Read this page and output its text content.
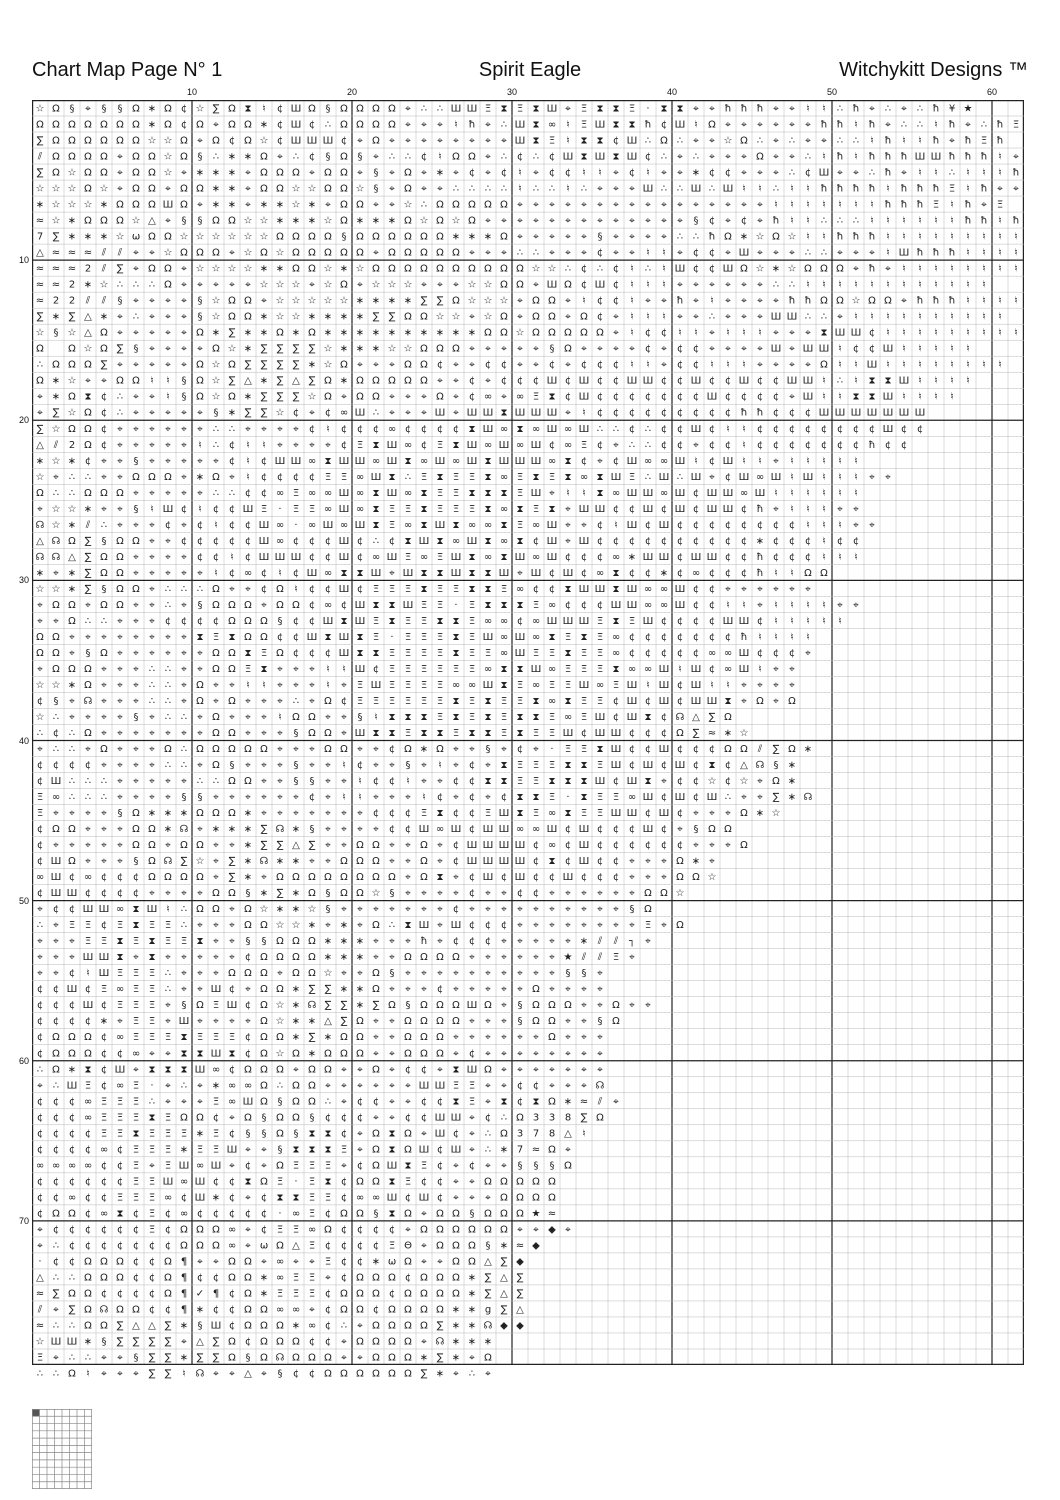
Chart Map Page N° 1	Spirit Eagle	Witchykitt Designs ™
10	20	30	40	50	60
10
20
30
40
50
60
70
☆ Ω § ⌖ § § Ω ∗ Ω ¢ ☆ ∑ Ω ⧗ ♮ ¢ Ш Ω § Ω Ω Ω Ω ⌖ ∴ ∴ Ш Ш Ξ ⧗ Ξ ⧗ Ш ⌖ Ξ ⧗ ⧗ Ξ · ⧗ ⧗ ⌖ ⌖ ħ ħ ħ ⌖ ⌖ ♮ ♮ ∴ ħ ⌖ ∴ ⌖ ∴ ħ ¥ ★
Ω Ω Ω Ω Ω Ω Ω ∗ Ω ¢ Ω ⌖ Ω Ω ∗ ¢ Ш ¢ ∴ Ω Ω Ω Ω ⌖ ⌖ ⌖ ♮ ħ ⌖ ∴ Ш ⧗ ∞ ♮ Ξ Ш ⧗ ⧗ ħ ¢ Ш ♮ Ω ⌖ ⌖ ⌖ ⌖ ⌖ ⌖ ħ ħ ♮ ħ ⌖ ∴ ∴ ♮ ħ ⌖ ∴ ħ Ξ
∑ Ω Ω Ω Ω Ω Ω ☆ ☆ Ω ⌖ Ω ¢ Ω ☆ ¢ Ш Ш Ш ¢ ⌖ Ω ⌖ ⌖ ⌖ ⌖ ⌖ ⌖ ⌖ ⌖ Ш ⧗ Ξ ♮ ⧗ ⧗ ¢ Ш ∴ Ω ∴ ⌖ ⌖ ☆ Ω ∴ ⌖ ∴ ⌖ ⌖ ∴ ∴ ♮ ħ ♮ ♮ ħ ⌖ ħ Ξ ħ
⫽ Ω Ω Ω Ω ⌖ Ω Ω ☆ Ω § ∴ ∗ ∗ Ω ⌖ ∴ ¢ § Ω § ⌖ ∴ ∴ ¢ ♮ Ω Ω ⌖ ∴ ¢ ∴ ¢ Ш ⧗ Ш ⧗ Ш ¢ ∴ ⌖ ∴ ⌖ ⌖ ⌖ Ω ⌖ ⌖ ∴ ♮ ħ ♮ ħ ħ ħ Ш Ш ħ ħ ħ ♮ ⌖
∑ Ω ☆ Ω Ω ⌖ Ω Ω ☆ ⌖ ∗ ∗ ∗ ⌖ Ω Ω Ω ⌖ Ω Ω ⌖ § ⌖ Ω ⌖ ∗ ⌖ ¢ ⌖ ¢ ♮ ⌖ ¢ ¢ ♮ ♮ ⌖ ¢ ♮ ⌖ ⌖ ∗ ¢ ¢ ⌖ ⌖ ⌖ ∴ ¢ Ш ⌖ ⌖ ∴ ħ ⌖ ♮ ♮ ∴ ♮ ♮ ♮ ħ
☆ ☆ ☆ Ω ☆ ⌖ Ω Ω ⌖ Ω Ω ∗ ∗ ⌖ Ω Ω ☆ ☆ Ω Ω ☆ § ⌖ Ω ⌖ ⌖ ∴ ∴ ∴ ∴ ♮ ∴ ∴ ♮ ∴ ⌖ ⌖ ⌖ Ш ∴ ∴ Ш ∴ Ш ♮ ♮ ∴ ♮ ♮ ħ ħ ħ ħ ♮ ħ ħ ħ Ξ ♮ ħ ⌖ ⌖
∗ ☆ ☆ ☆ ∗ Ω Ω Ω Ш Ω ⌖ ∗ ∗ ⌖ ∗ ∗ ☆ ∗ ⌖ Ω Ω ⌖ ⌖ ☆ ∴ Ω Ω Ω Ω Ω ⌖ ⌖ ⌖ ⌖ ⌖ ⌖ ⌖ ⌖ ⌖ ⌖ ⌖ ⌖ ⌖ ⌖ ⌖ ⌖ ♮ ♮ ♮ ♮ ♮ ♮ ♮ ħ ħ ħ Ξ ♮ ħ ⌖ Ξ
≈ ☆ ∗ Ω Ω Ω ☆ △ ⌖ § § Ω Ω ☆ ☆ ∗ ∗ ∗ ☆ Ω ∗ ∗ ∗ Ω ☆ Ω ☆ Ω ⌖ ⌖ ⌖ ⌖ ⌖ ⌖ ⌖ ⌖ ⌖ ⌖ ⌖ ⌖ ⌖ § ¢ ⌖ ¢ ⌖ ħ ♮ ♮ ∴ ∴ ∴ ♮ ♮ ♮ ♮ ♮ ♮ ħ ħ ♮ ħ
7 ∑ ∗ ∗ ∗ ☆ ω Ω Ω ☆ ☆ ☆ ☆ ☆ ☆ Ω Ω Ω Ω § Ω Ω Ω Ω Ω Ω ∗ ∗ ∗ Ω ⌖ ⌖ ⌖ ⌖ ⌖ § ⌖ ⌖ ⌖ ⌖ ∴ ∴ ħ Ω ∗ ☆ Ω ☆ ♮ ♮ ħ ħ ħ ♮ ♮ ♮ ♮ ♮ ♮ ♮ ♮ ♮
△ ≈ ≈ ≈ ⫽ ⫽ ⌖ ⌖ ☆ Ω Ω Ω ⌖ ☆ Ω ☆ Ω Ω Ω Ω Ω ⌖ Ω Ω Ω Ω Ω ⌖ ⌖ ⌖ ∴ ∴ ⌖ ⌖ ⌖ ¢ ⌖ ⌖ ♮ ♮ ⌖ ¢ ¢ ⌖ Ш ⌖ ⌖ ⌖ ∴ ∴ ⌖ ⌖ ⌖ ♮ Ш ħ ħ ħ ♮ ♮ ♮ ♮
≈ ≈ ≈ 2 ⫽ ∑ ⌖ Ω Ω ⌖ ☆ ☆ ☆ ☆ ∗ ∗ Ω Ω ☆ ∗ ☆ Ω Ω Ω Ω Ω Ω Ω Ω Ω Ω ☆ ☆ ∴ ¢ ∴ ¢ ♮ ∴ ♮ Ш ¢ ¢ Ш Ω ☆ ∗ ☆ Ω Ω Ω ⌖ ħ ⌖ ♮ ♮ ♮ ♮ ♮ ♮ ♮ ♮
≈ ≈ 2 ∗ ☆ ∴ ∴ ∴ Ω ⌖ ⌖ ⌖ ⌖ ⌖ ☆ ☆ ☆ ⌖ ☆ Ω ⌖ ☆ ☆ ☆ ⌖ ⌖ ⌖ ☆ ☆ Ω Ω ⌖ Ш Ω ¢ Ш ¢ ♮ ♮ ♮ ⌖ ⌖ ⌖ ⌖ ⌖ ⌖ ∴ ∴ ♮ ♮ ♮ ♮ ♮ ♮ ♮ ♮ ♮ ♮ ♮ ♮
≈ 2 2 ⫽ ⫽ § ⌖ ⌖ ⌖ ⌖ § ☆ Ω Ω ⌖ ☆ ☆ ☆ ☆ ☆ ∗ ∗ ∗ ∗ ∑ ∑ Ω ☆ ☆ ☆ ⌖ Ω Ω ⌖ ♮ ¢ ¢ ♮ ⌖ ⌖ ħ ⌖ ♮ ⌖ ⌖ ⌖ ⌖ ħ ħ Ω Ω ☆ Ω Ω ⌖ ħ ħ ħ ♮ ♮ ♮ ♮
∑ ∗ ∑ △ ∗ ⌖ ∴ ⌖ ⌖ ⌖ § ☆ Ω Ω ∗ ☆ ☆ ∗ ∗ ∗ ∗ ∑ ∑ Ω Ω ☆ ☆ ⌖ ☆ Ω ⌖ Ω Ω ⌖ Ω ¢ ⌖ ♮ ♮ ♮ ⌖ ⌖ ∴ ⌖ ⌖ ⌖ Ш Ш ∴ ∴ ⌖ ♮ ♮ ♮ ♮ ♮ ♮ ♮ ♮ ♮ ♮
☆ § ☆ △ Ω ⌖ ⌖ ⌖ ⌖ ⌖ Ω ∗ ∑ ∗ ∗ Ω ∗ Ω ∗ ∗ ∗ ∗ ∗ ∗ ∗ ∗ ∗ ∗ Ω Ω ☆ Ω Ω Ω Ω Ω ⌖ ♮ ¢ ¢ ♮ ♮ ⌖ ♮ ♮ ♮ ⌖ ⌖ ⌖ ⧗ Ш Ш ¢ ♮ ♮ ♮ ♮ ♮ ♮ ♮ ♮ ♮
Ω Ω ☆ Ω ∑ § ⌖ ⌖ ⌖ ⌖ Ω ☆ ∗ ∑ ∑ ∑ ∑ ☆ ∗ ∗ ∗ ☆ ☆ Ω Ω Ω ⌖ ⌖ ⌖ ⌖ ⌖ § Ω ⌖ ⌖ ⌖ ⌖ ¢ ⌖ ¢ ¢ ⌖ ⌖ ⌖ ⌖ Ш ⌖ Ш Ш ♮ ¢ ¢ Ш ♮ ♮ ♮ ♮ ♮
∴ Ω Ω Ω ∑ ⌖ ⌖ ⌖ ⌖ ⌖ Ω ☆ Ω ∑ ∑ ∑ ∑ ∗ ☆ Ω ⌖ ⌖ ⌖ Ω Ω ¢ ⌖ ⌖ ¢ ¢ ⌖ ⌖ ¢ ⌖ ¢ ¢ ¢ ♮ ♮ ⌖ ¢ ¢ ♮ ♮ ♮ ⌖ ⌖ ⌖ ⌖ Ω ♮ ♮ Ш ♮ ♮ ♮ ♮ ♮ ♮ ♮ ♮
Ω ∗ ☆ ⌖ ⌖ Ω Ω ♮ ♮ § Ω ☆ ∑ △ ∗ ∑ △ ∑ Ω ∗ Ω Ω Ω Ω Ω ⌖ ⌖ ¢ ⌖ ¢ ¢ ¢ Ш ¢ Ш ¢ ¢ Ш Ш ¢ ¢ Ш ¢ ¢ Ш ¢ ¢ Ш Ш ♮ ∴ ♮ ⧗ ⧗ Ш ♮ ♮ ♮ ♮
⌖ ∗ Ω ⧗ ¢ ∴ ⌖ ⌖ ♮ § Ω ☆ Ω ∗ ∑ ∑ ∑ ☆ Ω ⌖ Ω Ω ⌖ ⌖ ⌖ Ω ⌖ ¢ ∞ ⌖ ∞ Ξ ⧗ ¢ Ш ¢ ¢ ¢ ¢ ¢ ¢ ¢ Ш ¢ ¢ ¢ ¢ ⌖ Ш ♮ ♮ ⧗ ⧗ Ш ♮ ♮ ♮ ♮
⌖ ∑ ☆ Ω ¢ ∴ ⌖ ⌖ ⌖ ⌖ ⌖ § ∗ ∑ ∑ ☆ ¢ ⌖ ¢ ∞ Ш ∴ ⌖ ⌖ ⌖ Ш ⌖ Ш Ш ⧗ Ш Ш Ш ⌖ ♮ ¢ ¢ ¢ ¢ ¢ ¢ ¢ ¢ ¢ ħ ħ ¢ ¢ ¢ Ш Ш Ш Ш Ш Ш Ш
∑ ☆ Ω Ω ¢ ⌖ ⌖ ⌖ ⌖ ⌖ ⌖ ∴ ∴ ⌖ ⌖ ⌖ ⌖ ¢ ♮ ¢ ¢ ¢ ∞ ¢ ¢ ¢ ¢ ⧗ Ш ∞ ⧗ ∞ Ш ∞ Ш ∴ ∴ ¢ ∴ ¢ ¢ Ш ¢ ♮ ♮ ¢ ¢ ¢ ¢ ¢ ¢ ¢ ¢ Ш ¢ ¢
△ ⫽ 2 Ω ¢ ⌖ ⌖ ⌖ ⌖ ⌖ ♮ ∴ ¢ ♮ ♮ ⌖ ⌖ ⌖ ⌖ ¢ Ξ ⧗ Ш ∞ ¢ Ξ ⧗ Ш ∞ Ш ∞ Ш ¢ ∞ Ξ ¢ ⌖ ∴ ∴ ¢ ¢ ⌖ ¢ ¢ ♮ ¢ ¢ ¢ ¢ ¢ ¢ ¢ ħ ¢ ¢
∗ ☆ ∗ ¢ ⌖ ⌖ § ⌖ ⌖ ⌖ ⌖ ⌖ ¢ ♮ ¢ Ш Ш ∞ ⧗ Ш Ш ∞ Ш ⧗ ∞ Ш ∞ Ш ⧗ Ш Ш Ш ∞ ⧗ ¢ ⌖ ¢ Ш ∞ ∞ Ш ♮ ¢ Ш ♮ ♮ ⌖ ♮ ♮ ♮ ♮ ♮
☆ ⌖ ∴ ∴ ⌖ ⌖ Ω Ω Ω ⌖ ∗ Ω ⌖ ♮ ¢ ¢ ¢ ¢ Ξ Ξ ∞ Ш ⧗ ∴ Ξ ⧗ Ξ Ξ ⧗ ∞ Ξ ⧗ Ξ ⧗ ∞ ⧗ Ш Ξ ∴ Ш ∴ Ш ⌖ ¢ Ш ∞ Ш ♮ Ш ♮ ♮ ♮ ⌖ ⌖
Ω ∴ ∴ Ω Ω Ω ⌖ ⌖ ⌖ ⌖ ⌖ ∴ ∴ ¢ ¢ ∞ Ξ ∞ ∞ Ш ∞ ⧗ Ш ∞ ⧗ Ξ Ξ ⧗ ⧗ ⧗ Ξ Ш ⌖ ♮ ♮ ⧗ ∞ Ш Ш ∞ Ш ¢ Ш Ш ∞ Ш ♮ ♮ ♮ ♮ ♮ ♮
⌖ ☆ ☆ ∗ ⌖ ⌖ § ♮ Ш ¢ ♮ ¢ ¢ Ш Ξ · Ξ Ξ ∞ Ш ∞ ⧗ Ξ Ξ ⧗ Ξ Ξ Ξ ⧗ ∞ ⧗ Ξ ⧗ ⌖ Ш Ш ¢ ¢ Ш ¢ Ш ¢ Ш Ш ¢ ħ ⌖ ♮ ♮ ♮ ⌖ ⌖
☊ ☆ ∗ ⫽ ∴ ⌖ ⌖ ⌖ ¢ ⌖ ¢ ♮ ¢ ¢ Ш ∞ · ∞ Ш ∞ Ш ⧗ Ξ ∞ ⧗ Ш ⧗ ∞ ∞ ⧗ Ξ ∞ Ш ⌖ ⌖ ¢ ♮ Ш ¢ Ш ¢ ¢ ¢ ¢ ¢ ¢ ¢ ¢ ♮ ♮ ♮ ⌖ ⌖
△ ☊ Ω ∑ § Ω Ω ⌖ ⌖ ¢ ¢ ¢ ¢ ¢ Ш ∞ ¢ ¢ ¢ Ш ¢ ∴ ¢ ⧗ Ш ⧗ ∞ Ш ⧗ ∞ ⧗ ¢ Ш ⌖ Ш ¢ ¢ ¢ ¢ ¢ ¢ ¢ ¢ ¢ ¢ ∗ ¢ ¢ ¢ ♮ ¢ ¢
☊ ☊ △ ∑ Ω Ω ⌖ ⌖ ⌖ ⌖ ¢ ¢ ♮ ¢ Ш Ш Ш ¢ ¢ Ш ¢ ∞ Ш Ξ ∞ Ξ Ш ⧗ ∞ ⧗ Ш ∞ Ш ¢ ¢ ¢ ∞ ∗ Ш Ш ¢ Ш Ш ¢ ¢ ħ ¢ ¢ ¢ ♮ ♮ ♮
∗ ⌖ ∗ ∑ Ω Ω ⌖ ⌖ ⌖ ⌖ ⌖ ♮ ¢ ∞ ¢ ♮ ¢ Ш ∞ ⧗ ⧗ Ш ⌖ Ш ⧗ ⧗ Ш ⧗ ⧗ Ш ⌖ Ш ¢ Ш ¢ ∞ ⧗ ¢ ¢ ∗ ¢ ∞ ¢ ¢ ¢ ħ ♮ ♮ Ω Ω
☆ ☆ ∗ ∑ § Ω Ω ⌖ ∴ ∴ ∴ Ω ⌖ ⌖ ¢ Ω ♮ ¢ ¢ Ш ¢ Ξ Ξ Ξ ⧗ Ξ Ξ ⧗ ⧗ Ξ ∞ ¢ ¢ ⧗ Ш Ш ⧗ Ш ∞ ∞ Ш ¢ ¢ ⌖ ⌖ ⌖ ⌖ ⌖ ⌖
⌖ Ω Ω ⌖ Ω Ω ⌖ ⌖ ∴ ⌖ § Ω Ω Ω ⌖ Ω Ω ¢ ∞ ¢ Ш ⧗ ⧗ Ш Ξ Ξ · Ξ ⧗ ⧗ ⧗ Ξ ∞ ¢ ¢ ¢ Ш Ш ∞ ∞ Ш ¢ ¢ ♮ ♮ ⌖ ♮ ♮ ♮ ♮ ⌖ ⌖
⌖ ⌖ Ω ∴ ∴ ⌖ ⌖ ⌖ ¢ ¢ ¢ ¢ Ω Ω Ω § ¢ ¢ Ш ⧗ Ш Ξ ⧗ Ξ Ξ ⧗ ⧗ Ξ ∞ ∞ ¢ ∞ Ш Ш Ш Ξ ⧗ Ξ Ш ¢ ¢ ¢ ¢ Ш Ш ¢ ♮ ♮ ♮ ♮ ♮
Ω Ω ⌖ ⌖ ⌖ ⌖ ⌖ ⌖ ⌖ ⌖ ⧗ Ξ ⧗ Ω Ω ¢ ¢ Ш ⧗ Ш ⧗ Ξ · Ξ Ξ Ξ ⧗ Ξ Ш ∞ Ш ∞ ⧗ Ξ ⧗ Ξ ∞ ¢ ¢ ¢ ¢ ¢ ¢ ¢ ħ ♮ ♮ ♮ ♮
Ω Ω ⌖ § Ω ⌖ ⌖ ⌖ ⌖ ⌖ ⌖ Ω Ω ⧗ Ξ Ω ¢ ¢ ¢ Ш ⧗ ⧗ Ξ Ξ Ξ Ξ ⧗ Ξ Ξ ∞ Ш Ξ Ξ ⧗ Ξ Ξ ∞ ¢ ¢ ¢ ¢ ¢ ∞ ∞ Ш ¢ ¢ ¢ ⌖
⌖ Ω Ω Ω ⌖ ⌖ ⌖ ∴ ∴ ⌖ ⌖ Ω Ω Ξ ⧗ ⌖ ⌖ ⌖ ♮ ♮ Ш ¢ Ξ Ξ Ξ Ξ Ξ Ξ ∞ ⧗ ⧗ Ш ∞ Ξ Ξ Ξ ⧗ ∞ ∞ Ш ♮ Ш ¢ ∞ Ш ♮ ⌖ ⌖
☆ ☆ ∗ Ω ⌖ ⌖ ⌖ ∴ ∴ ⌖ Ω ⌖ ⌖ ♮ ♮ ⌖ ⌖ ⌖ ♮ ⌖ Ξ Ш Ξ Ξ Ξ Ξ ∞ ∞ Ш ⧗ Ξ ∞ Ξ Ξ Ш ∞ Ξ Ш ♮ Ш ¢ Ш ♮ ♮ ⌖ ⌖ ⌖ ⌖
¢ § ⌖ ☊ ⌖ ⌖ ⌖ ∴ ∴ ⌖ Ω ⌖ Ω ⌖ ⌖ ⌖ ∴ ⌖ Ω ¢ Ξ Ξ Ξ Ξ Ξ Ξ ⧗ Ξ ⧗ Ξ Ξ ⧗ ∞ ⧗ Ξ Ξ ¢ Ш ¢ Ш ¢ Ш Ш ⧗ ⌖ Ω ⌖ Ω
☆ ∴ ⌖ ⌖ ⌖ ⌖ § ⌖ ∴ ∴ ⌖ Ω ⌖ ⌖ ⌖ ♮ Ω Ω ⌖ ⌖ § ♮ ⧗ ⧗ ⧗ Ξ ⧗ Ξ ⧗ Ξ ⧗ ⧗ Ξ ∞ Ξ Ш ¢ Ш ⧗ ¢ ☊ △ ∑ Ω
∴ ¢ ∴ Ω ⌖ ⌖ ⌖ ⌖ ⌖ ⌖ ⌖ Ω Ω ⌖ ⌖ ⌖ § Ω Ω ⌖ Ш ⧗ ⧗ Ξ ⧗ ⧗ Ξ ⧗ ⧗ Ξ ⧗ Ξ Ξ Ш ¢ Ш Ш ¢ ¢ ¢ Ω ∑ ≈ ∗ ☆
⌖ ∴ ∴ ⌖ Ω ⌖ ⌖ ⌖ Ω ∴ Ω Ω Ω Ω Ω ⌖ ⌖ ⌖ Ω Ω ⌖ ⌖ ¢ Ω ∗ Ω ⌖ ⌖ § ⌖ ¢ ⌖ · Ξ Ξ ⧗ Ш ¢ ¢ Ш ¢ ¢ ¢ Ω Ω ⫽ ∑ Ω ∗
¢ ¢ ¢ ¢ ⌖ ⌖ ⌖ ⌖ ∴ ∴ ⌖ Ω § ⌖ ⌖ ⌖ § ⌖ ⌖ ♮ ¢ ⌖ ⌖ § ⌖ ♮ ⌖ ¢ ⌖ ⧗ Ξ Ξ Ξ ⧗ ⧗ Ξ Ш ¢ Ш ¢ Ш ¢ ⧗ ¢ △ ☊ § ∗
¢ Ш ∴ ∴ ∴ ⌖ ⌖ ⌖ ⌖ ⌖ ∴ ∴ Ω Ω ⌖ ⌖ § § ⌖ ⌖ ♮ ¢ ¢ ♮ ⌖ ⌖ ¢ ¢ ⧗ ⧗ Ξ Ξ ⧗ ⧗ ⧗ Ш ¢ Ш ⧗ ⌖ ¢ ¢ ☆ ¢ ☆ ⌖ Ω ∗
Ξ ∞ ∴ ∴ ∴ ⌖ ⌖ ⌖ ⌖ § § ⌖ ⌖ ⌖ ⌖ ⌖ ⌖ ¢ ⌖ ♮ ♮ ⌖ ⌖ ⌖ ♮ ¢ ⌖ ¢ ⌖ ¢ ⧗ ⧗ Ξ · ⧗ Ξ Ξ ∞ Ш ¢ Ш ¢ Ш ∴ ⌖ ⌖ ∑ ∗ ☊
Ξ ⌖ ⌖ ⌖ ⌖ § Ω ∗ ∗ ∗ Ω Ω Ω ∗ ⌖ ⌖ ⌖ ⌖ ⌖ ⌖ ⌖ ¢ ¢ ¢ Ξ ⧗ ¢ ¢ Ξ Ш ⧗ Ξ ∞ ⧗ Ξ Ξ Ш Ш ¢ Ш ¢ ⌖ ⌖ ⌖ Ω ∗ ☆
¢ Ω Ω ⌖ ⌖ ⌖ Ω Ω ∗ ☊ ⌖ ∗ ∗ ∗ ∑ ☊ ∗ § ⌖ ⌖ ⌖ ⌖ ¢ ¢ Ш ∞ Ш ¢ Ш Ш ∞ ∞ Ш ¢ Ш ¢ ¢ ¢ Ш ¢ ⌖ § Ω Ω
¢ ⌖ ⌖ ⌖ ⌖ ⌖ Ω Ω ⌖ Ω Ω ⌖ ⌖ ∗ ∑ ∑ △ ∑ ⌖ ⌖ Ω Ω ⌖ ⌖ Ω ⌖ ¢ Ш Ш Ш Ш ¢ ∞ ¢ Ш ¢ ¢ ¢ ¢ ¢ ¢ ⌖ ⌖ ⌖ Ω
¢ Ш Ω ⌖ ⌖ ⌖ § Ω ☊ ∑ ☆ ⌖ ∑ ∗ ☊ ∗ ∗ ⌖ ⌖ Ω Ω Ω ⌖ ⌖ Ω ⌖ ¢ Ш Ш Ш Ш ¢ ⧗ ¢ Ш ¢ ¢ ⌖ ⌖ ⌖ Ω ∗ ⌖
∞ Ш ¢ ∞ ¢ ¢ ¢ Ω Ω Ω Ω ⌖ ∑ ∗ ⌖ Ω Ω Ω Ω Ω Ω Ω Ω ⌖ Ω ⧗ ⌖ ¢ Ш ¢ Ш ¢ ¢ Ш ¢ ¢ ¢ ⌖ ⌖ ⌖ Ω Ω ☆
¢ Ш Ш ¢ ¢ ¢ ¢ ⌖ ⌖ ⌖ ⌖ Ω Ω § ∗ ∑ ∗ Ω § Ω Ω ☆ § ⌖ ⌖ ⌖ ⌖ ¢ ⌖ ⌖ ¢ ¢ ⌖ ⌖ ⌖ ⌖ ⌖ ⌖ Ω Ω ☆
⌖ ¢ ¢ Ш Ш ∞ ⧗ Ш ♮ ∴ Ω Ω ⌖ Ω ☆ ∗ ∗ ☆ § ⌖ ⌖ ⌖ ⌖ ⌖ ⌖ ⌖ ¢ ⌖ ⌖ ⌖ ⌖ ⌖ ⌖ ⌖ ⌖ ⌖ ⌖ § Ω
∴ ⌖ Ξ Ξ ¢ Ξ ⧗ Ξ Ξ ∴ ⌖ ⌖ ⌖ Ω Ω ☆ ☆ ∗ ⌖ ∗ ⌖ Ω ∴ ⧗ Ш ⌖ Ш ¢ ¢ ¢ ⌖ ⌖ ⌖ ⌖ ⌖ ⌖ ⌖ ⌖ Ξ ⌖ Ω
⌖ ⌖ ⌖ Ξ Ξ ⧗ Ξ ⧗ Ξ Ξ ⧗ ⌖ ⌖ § § Ω Ω Ω ∗ ∗ ∗ ⌖ ⌖ ⌖ ħ ⌖ ¢ ¢ ¢ ⌖ ⌖ ⌖ ⌖ ⌖ ∗ ⫽ ⫽ ┐ ⌖
⌖ ⌖ ⌖ Ш Ш ⧗ ⌖ ⧗ ⌖ ⌖ ⌖ ⌖ ⌖ ¢ Ω Ω Ω Ω ∗ ∗ ∗ ⌖ ⌖ Ω Ω Ω Ω ⌖ ⌖ ⌖ ⌖ ⌖ ⌖ ★ ⫽ ⫽ Ξ ⌖
⌖ ⌖ ¢ ♮ Ш Ξ Ξ Ξ ∴ ⌖ ⌖ ⌖ Ω Ω Ω ⌖ Ω Ω ☆ ⌖ ⌖ Ω § ⌖ ⌖ ⌖ ⌖ ⌖ ⌖ ⌖ ⌖ ⌖ ⌖ § § ⌖
¢ ¢ Ш ¢ Ξ ∞ Ξ Ξ ∴ ⌖ ⌖ Ш ¢ ⌖ Ω Ω ∗ ∑ ∑ ∗ ∗ Ω ⌖ ⌖ ⌖ ¢ ⌖ ⌖ ⌖ ⌖ ⌖ Ω ⌖ ⌖ ⌖ ⌖
¢ ¢ ¢ Ш ¢ Ξ Ξ Ξ ⌖ § Ω Ξ Ш ¢ Ω ☆ ∗ ☊ ∑ ∑ ∗ ∑ Ω § Ω Ω Ω Ш Ω ⌖ § Ω Ω Ω ⌖ ⌖ Ω ⌖ ⌖
¢ ¢ ¢ ¢ ∗ ⌖ Ξ Ξ ⌖ Ш ⌖ ⌖ ⌖ ⌖ Ω ☆ ∗ ∗ △ ∑ Ω ⌖ ⌖ Ω Ω Ω Ω ⌖ ⌖ ⌖ § Ω Ω ⌖ ⌖ § Ω
¢ Ω Ω Ω ¢ ∞ Ξ Ξ Ξ ⧗ Ξ Ξ Ξ ¢ Ω Ω ∗ ∑ ∗ Ω Ω ⌖ ⌖ Ω Ω Ω ⌖ ⌖ ⌖ ⌖ ⌖ ⌖ Ω ⌖ ⌖ ⌖
¢ Ω Ω Ω ¢ ¢ ∞ ⌖ ⌖ ⧗ ⧗ Ш ⧗ ¢ Ω ☆ Ω ∗ Ω Ω Ω ⌖ ⌖ Ω Ω Ω ⌖ ¢ ⌖ ⌖ ⌖ ⌖ ⌖ ⌖ ⌖ ⌖
∴ Ω ∗ ⧗ ¢ Ш ⌖ ⧗ ⧗ ⧗ Ш ∞ ¢ Ω Ω Ω ⌖ Ω Ω ⌖ ⌖ Ω ⌖ ¢ ¢ ⌖ ⧗ Ш Ω ⌖ ⌖ ⌖ ⌖ ⌖ ⌖ ⌖
⌖ ∴ Ш Ξ ¢ ∞ Ξ · ⌖ ∴ ⌖ ∗ ∞ ∞ Ω ∴ Ω Ω ⌖ ⌖ ⌖ ⌖ ⌖ ⌖ Ш Ш Ξ Ξ ⌖ ⌖ ¢ ¢ ⌖ ⌖ ⌖ ☊
¢ ¢ ¢ ∞ Ξ Ξ Ξ ∴ ⌖ ⌖ ⌖ Ξ ∞ Ш Ω § Ω Ω ∴ ⌖ ¢ ¢ ⌖ ⌖ ¢ ¢ ⧗ Ξ ⌖ ⧗ ¢ ⧗ Ω ∗ ≈ ⫽ ⌖
¢ ¢ ¢ ∞ Ξ Ξ Ξ ⧗ Ξ Ω Ω ¢ ⌖ Ω § Ω Ω § ¢ ¢ ¢ ⌖ ⌖ ¢ ¢ Ш Ш ⌖ ¢ ∴ Ω 3 3 8 ∑ Ω
¢ ¢ ¢ ¢ Ξ Ξ ⧗ Ξ Ξ Ξ ∗ Ξ ¢ § § Ω § ⧗ ⧗ ¢ ⌖ Ω ⧗ Ω ⌖ Ш ¢ ⌖ ∴ Ω 3 7 8 △ ♮
¢ ¢ ¢ ¢ ∞ ¢ Ξ Ξ Ξ ∗ Ξ Ξ Ш ⌖ ⌖ § ⧗ ⧗ ⧗ Ξ ⌖ Ω ⧗ Ω Ш ¢ Ш ⌖ ∴ ∗ 7 ≈ Ω ⌖
∞ ∞ ∞ ∞ ¢ ¢ Ξ ⌖ Ξ Ш ∞ Ш ⌖ ¢ ⌖ Ω Ξ Ξ Ξ ⌖ ¢ Ω Ш ⧗ Ξ ¢ ⌖ ¢ ⌖ ⌖ § § § Ω
¢ ¢ ¢ ¢ ¢ ¢ Ξ Ξ Ш ∞ Ш ¢ ¢ ⧗ Ω Ξ · Ξ ⧗ ¢ Ω Ω ⧗ Ξ ¢ ¢ ⌖ ⌖ Ω Ω Ω Ω Ω
¢ ¢ ∞ ¢ ¢ Ξ Ξ Ξ ∞ ¢ Ш ∗ ¢ ⌖ ¢ ⧗ ⧗ Ξ Ξ ¢ ∞ ∞ Ш ¢ Ш ¢ ⌖ ⌖ ⌖ Ω Ω Ω Ω
¢ Ω Ω ¢ ∞ ⧗ ¢ Ξ ¢ ∞ ¢ ¢ ¢ ¢ ¢ · ∞ Ξ ¢ Ω Ω § ⧗ Ω ⌖ Ω Ω § Ω Ω Ω ★ ≈
⌖ ¢ ¢ ¢ ¢ ¢ ¢ Ξ ¢ Ω Ω Ω ∞ ⌖ ¢ Ξ Ξ ∞ Ω ¢ ¢ ¢ ¢ ⌖ Ω Ω Ω Ω Ω Ω ⌖ ⌖ ◆ ⌖
⌖ ∴ ¢ ¢ ¢ ¢ ¢ ¢ ¢ Ω Ω Ω ∞ ⌖ ω Ω △ Ξ ¢ ¢ ¢ ¢ Ξ Θ ⌖ Ω Ω Ω § ∗ ≈ ◆
· ¢ ¢ Ω Ω Ω ¢ ¢ Ω ¶ ⌖ ⌖ Ω Ω ⌖ ∞ ⌖ ⌖ Ξ ¢ ¢ ∗ ω Ω ⌖ ⌖ Ω Ω △ ∑ ◆
△ ∴ ∴ Ω Ω Ω ¢ ¢ Ω ¶ ¢ ¢ Ω Ω ∗ ∞ Ξ Ξ ⌖ ¢ Ω Ω Ω ¢ Ω Ω Ω ∗ ∑ △ ∑
≈ ∑ Ω Ω ¢ ¢ ¢ ¢ Ω ¶ ✓ ¶ ¢ Ω ∗ Ξ Ξ Ξ ¢ Ω Ω Ω ¢ Ω Ω Ω Ω ∗ ∑ △ ∑
⫽ ⌖ ∑ Ω ☊ Ω Ω ¢ ¢ ¶ ∗ ¢ ¢ Ω Ω ∞ ∞ ⌖ ¢ Ω Ω ¢ Ω Ω Ω Ω ∗ ∗ g ∑ △
≈ ∴ ∴ Ω Ω ∑ △ △ ∑ ∗ § Ш ¢ Ω Ω Ω ∗ ∞ ¢ ∴ ⌖ Ω Ω Ω Ω ∑ ∗ ∗ ☊ ◆ ◆
☆ Ш Ш ∗ § ∑ ∑ ∑ ∑ ⌖ △ ∑ Ω ¢ Ω Ω Ω ¢ ¢ ⌖ Ω Ω Ω Ω ⌖ ☊ ∗ ∗ ∗
Ξ ⌖ ∴ ∴ ⌖ ⌖ § ∑ ∑ ∗ ∑ ∑ Ω § Ω ☊ Ω Ω Ω ⌖ ⌖ Ω Ω Ω ∗ ∑ ∗ ⌖ Ω
∴ ∴ Ω ♮ ⌖ ⌖ ⌖ ∑ ∑ ♮ ☊ ⌖ ⌖ △ ⌖ § ¢ ¢ Ω Ω Ω Ω Ω Ω ∑ ∗ ⌖ ∴ ⌖
